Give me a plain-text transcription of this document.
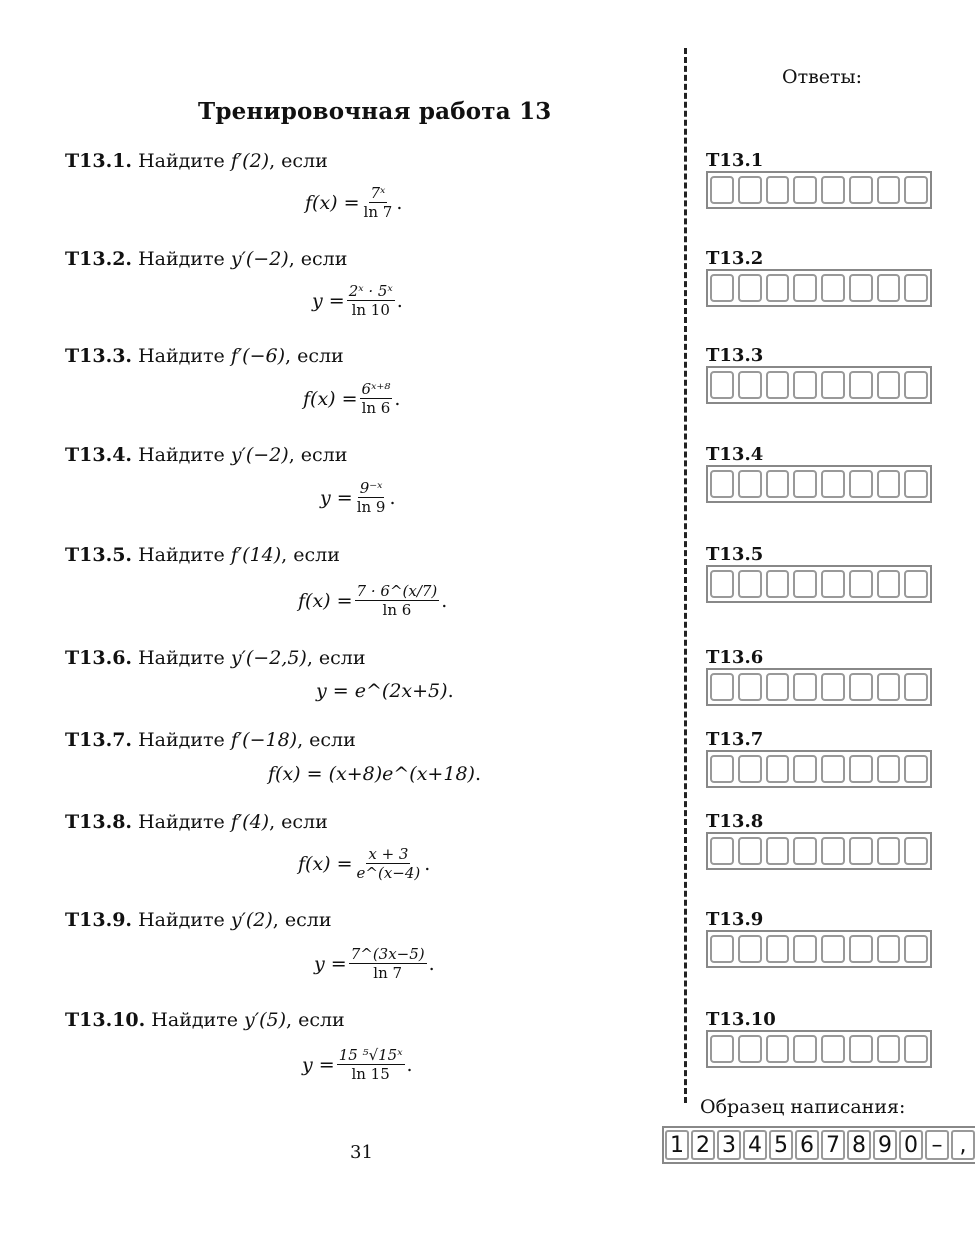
Тренировочная работа 13
Ответы:
T13.1. Найдите f′(2), если
$f(x) = \frac{\text{7ˣ}}{\ln 7}$ .
T13.2. Найдите y′(−2), если
$y = \frac{\text{2ˣ · 5ˣ}}{\ln 10}$ .
T13.3. Найдите f′(−6), если
$f(x) = \frac{\text{6ˣ⁺⁸}}{\ln 6}$ .
T13.4. Найдите y′(−2), если
$y = \frac{\text{9⁻ˣ}}{\ln 9}$ .
T13.5. Найдите f′(14), если
$f(x) = \frac{7 \cdot 6\^{}(x/7)}{\ln 6}$ .
T13.6. Найдите y′(−2,5), если
y =
e^(2x+5) .
T13.7. Найдите f′(−18), если
f(x) =
(x+8)e^(x+18) .
T13.8. Найдите f′(4), если
$f(x) = \frac{x + 3}{e\^{}(x-4)}$ .
T13.9. Найдите y′(2), если
$y = \frac{7\^{}(3x-5)}{\ln 7}$ .
T13.10. Найдите y′(5), если
$y = \frac{\text{15 ⁵√15ˣ}}{\ln 15}$ .
T13.1
T13.2
T13.3
T13.4
T13.5
T13.6
T13.7
T13.8
T13.9
T13.10
Образец написания:
1 2 3 4 5 6 7 8 9 0 – ,
31
